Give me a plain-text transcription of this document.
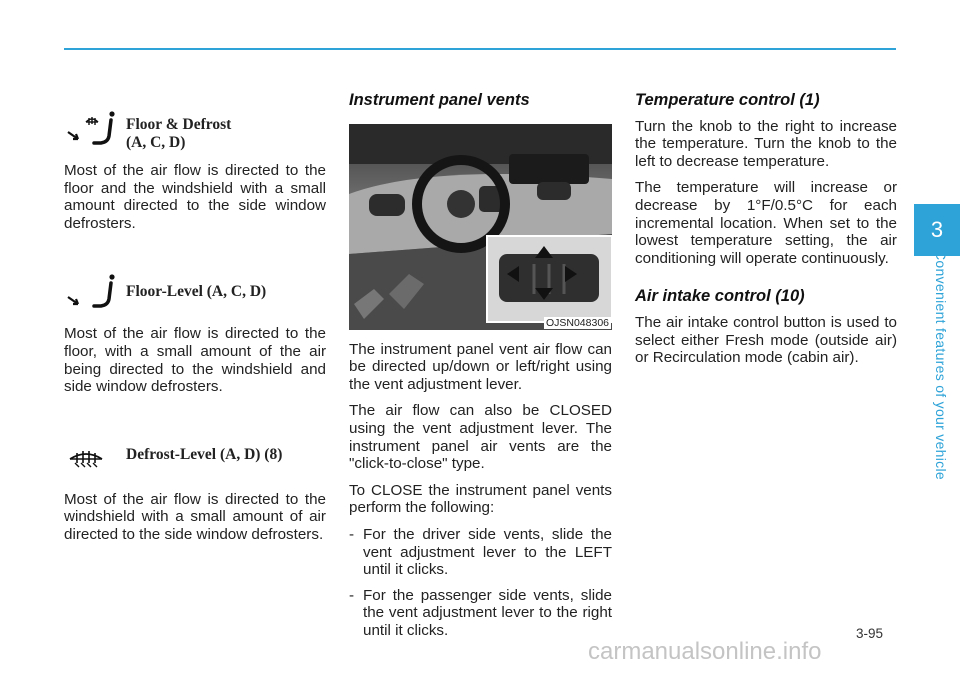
Floor & Defrost
(A, C, D)

Most of the air flow is directed to the floor and the windshield with a small amount directed to the side window defrosters.

Floor-Level (A, C, D)

Most of the air flow is directed to the floor, with a small amount of the air being directed to the windshield and side window defrosters.

Defrost-Level (A, D) (8)

Most of the air flow is directed to the windshield with a small amount of air directed to the side window defrosters.

Instrument panel vents
OJSN048306

The instrument panel vent air flow can be directed up/down or left/right using the vent adjustment lever.

The air flow can also be CLOSED using the vent adjustment lever. The instrument panel air vents are the "click-to-close" type.

To CLOSE the instrument panel vents perform the following:

- For the driver side vents, slide the vent adjustment lever to the LEFT until it clicks.
- For the passenger side vents, slide the vent adjustment lever to the right until it clicks.
Temperature control (1)

Turn the knob to the right to increase the temperature. Turn the knob to the left to decrease temperature.

The temperature will increase or decrease by 1°F/0.5°C for each incremental location. When set to the lowest temperature setting, the air conditioning will operate continuously.

Air intake control (10)

The air intake control button is used to select either Fresh mode (outside air) or Recirculation mode (cabin air).

3
Convenient features of your vehicle
3-95
carmanualsonline.info
